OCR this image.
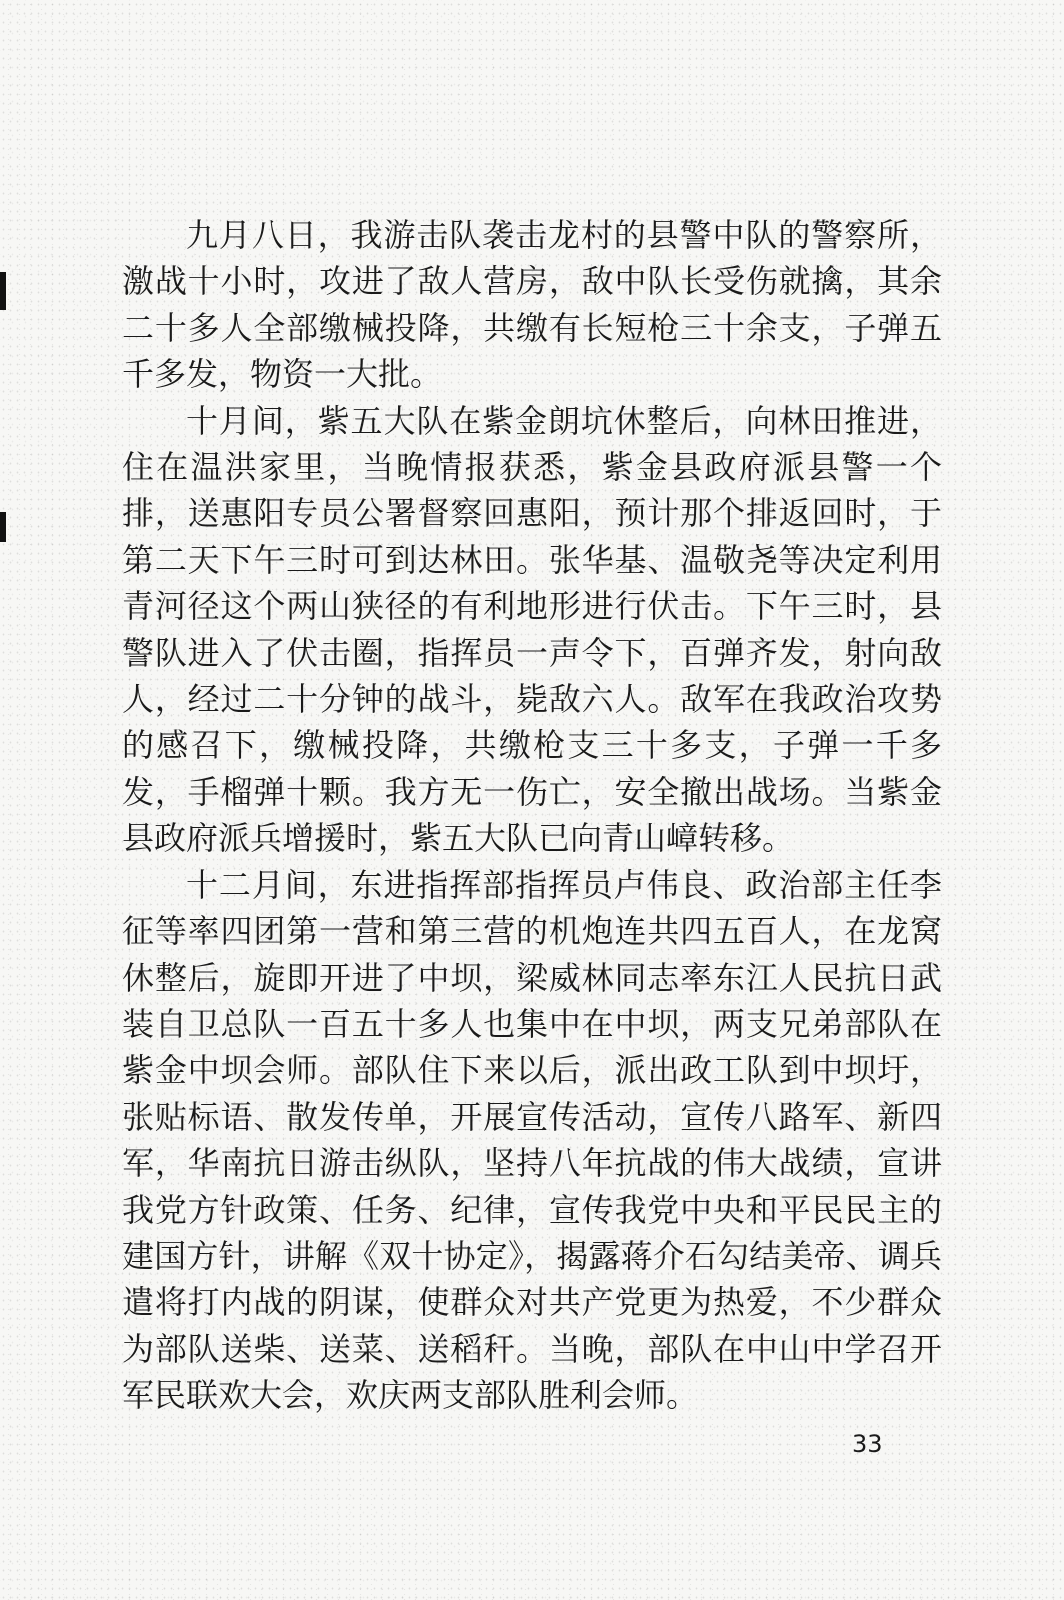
九月八日，我游击队袭击龙村的县警中队的警察所，激战十小时，攻进了敌人营房，敌中队长受伤就擒，其余二十多人全部缴械投降，共缴有长短枪三十余支，子弹五千多发，物资一大批。

十月间，紫五大队在紫金朗坑休整后，向林田推进，住在温洪家里，当晚情报获悉，紫金县政府派县警一个排，送惠阳专员公署督察回惠阳，预计那个排返回时，于第二天下午三时可到达林田。张华基、温敬尧等决定利用青河径这个两山狭径的有利地形进行伏击。下午三时，县警队进入了伏击圈，指挥员一声令下，百弹齐发，射向敌人，经过二十分钟的战斗，毙敌六人。敌军在我政治攻势的感召下，缴械投降，共缴枪支三十多支，子弹一千多发，手榴弹十颗。我方无一伤亡，安全撤出战场。当紫金县政府派兵增援时，紫五大队已向青山嶂转移。

十二月间，东进指挥部指挥员卢伟良、政治部主任李征等率四团第一营和第三营的机炮连共四五百人，在龙窝休整后，旋即开进了中坝，梁威林同志率东江人民抗日武装自卫总队一百五十多人也集中在中坝，两支兄弟部队在紫金中坝会师。部队住下来以后，派出政工队到中坝圩，张贴标语、散发传单，开展宣传活动，宣传八路军、新四军，华南抗日游击纵队，坚持八年抗战的伟大战绩，宣讲我党方针政策、任务、纪律，宣传我党中央和平民民主的建国方针，讲解《双十协定》，揭露蒋介石勾结美帝、调兵遣将打内战的阴谋，使群众对共产党更为热爱，不少群众为部队送柴、送菜、送稻秆。当晚，部队在中山中学召开军民联欢大会，欢庆两支部队胜利会师。

33
